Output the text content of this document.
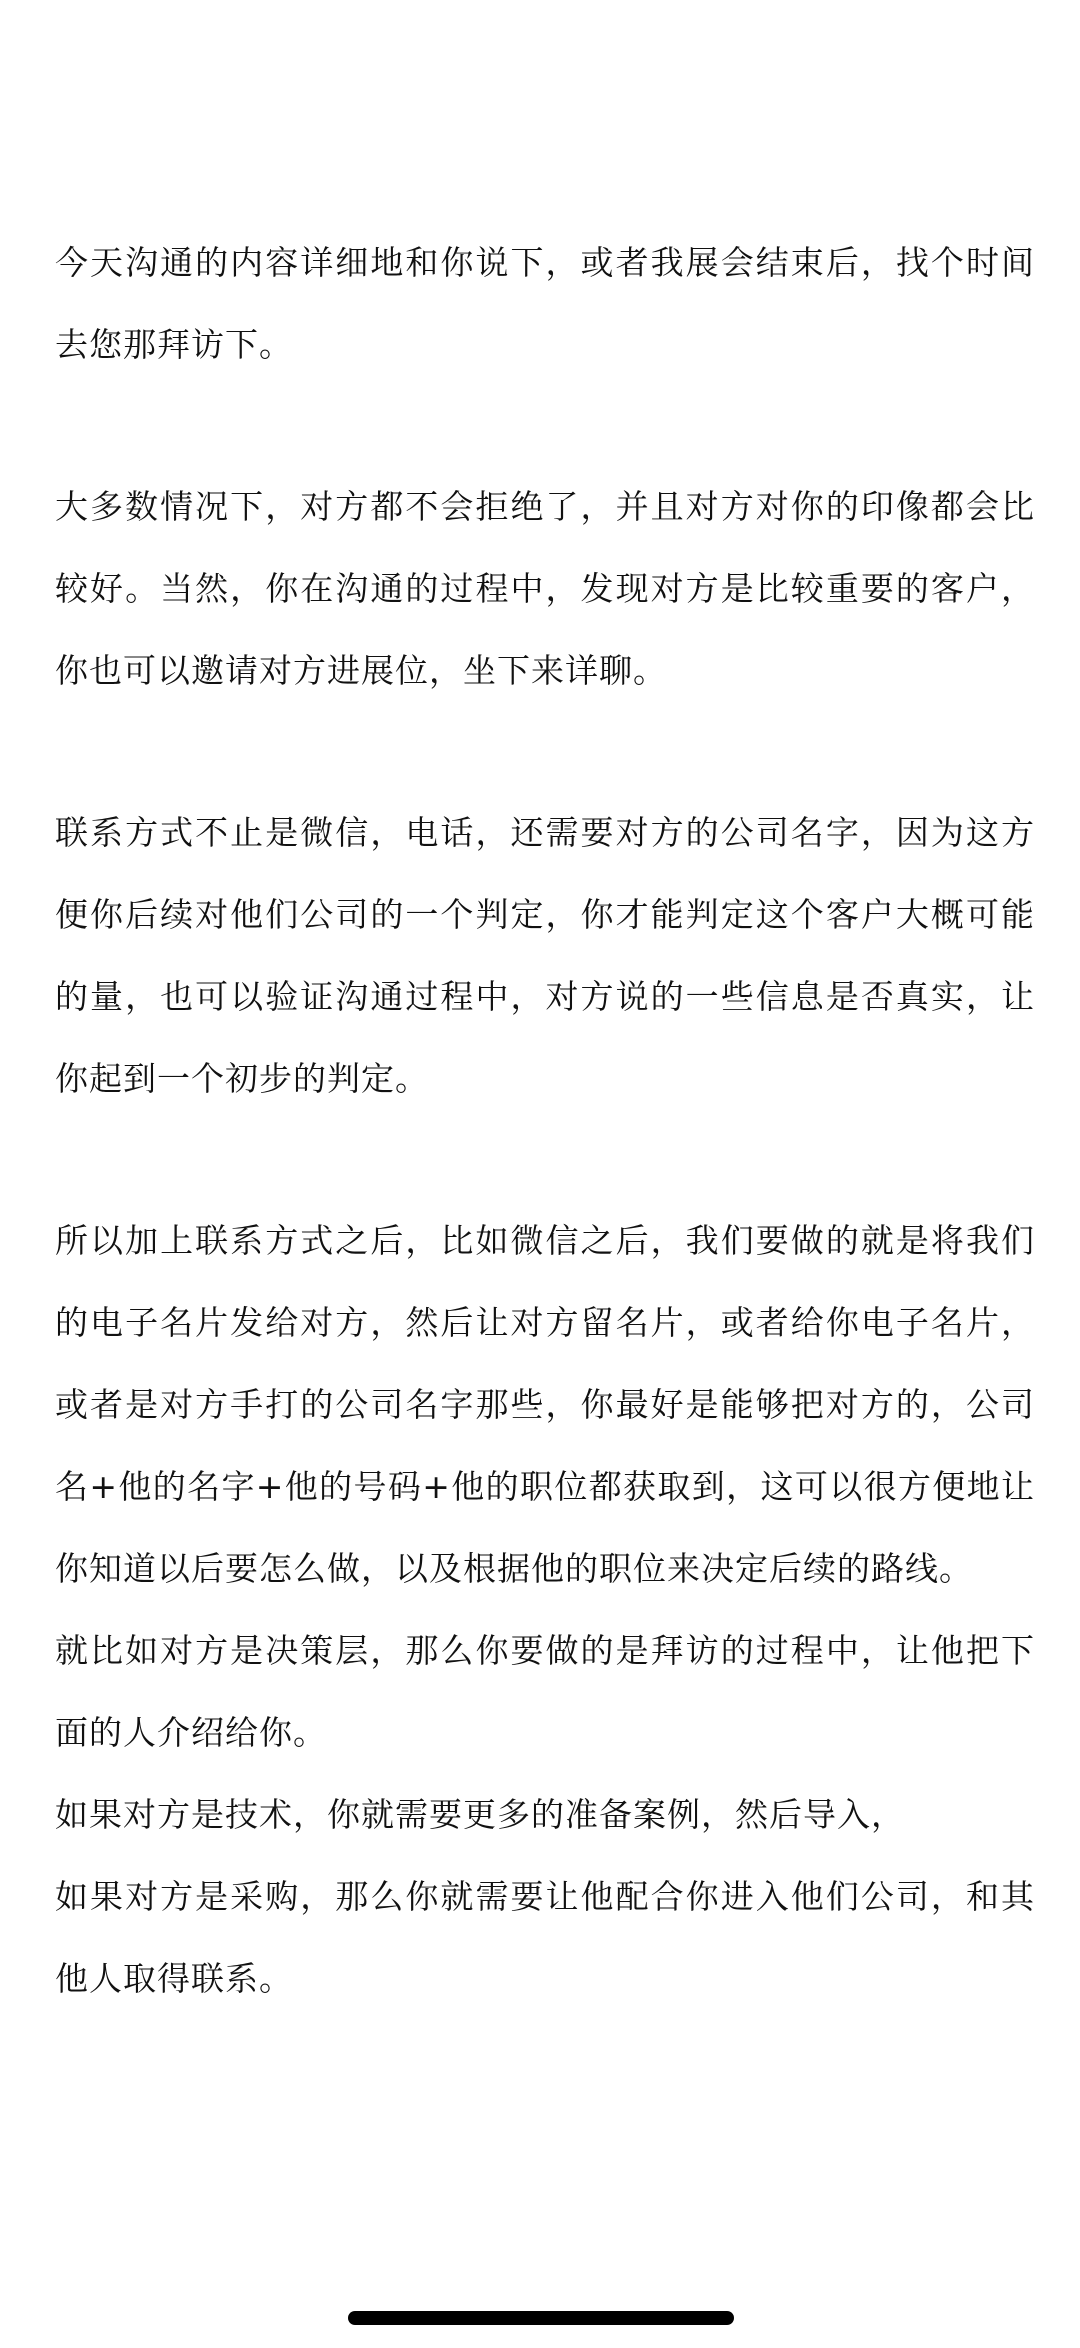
今天沟通的内容详细地和你说下，或者我展会结束后，找个时间去您那拜访下。

大多数情况下，对方都不会拒绝了，并且对方对你的印像都会比较好。当然，你在沟通的过程中，发现对方是比较重要的客户，你也可以邀请对方进展位，坐下来详聊。

联系方式不止是微信，电话，还需要对方的公司名字，因为这方便你后续对他们公司的一个判定，你才能判定这个客户大概可能的量，也可以验证沟通过程中，对方说的一些信息是否真实，让你起到一个初步的判定。

所以加上联系方式之后，比如微信之后，我们要做的就是将我们的电子名片发给对方，然后让对方留名片，或者给你电子名片，或者是对方手打的公司名字那些，你最好是能够把对方的，公司名+他的名字+他的号码+他的职位都获取到，这可以很方便地让你知道以后要怎么做，以及根据他的职位来决定后续的路线。

就比如对方是决策层，那么你要做的是拜访的过程中，让他把下面的人介绍给你。

如果对方是技术，你就需要更多的准备案例，然后导入，

如果对方是采购，那么你就需要让他配合你进入他们公司，和其他人取得联系。
